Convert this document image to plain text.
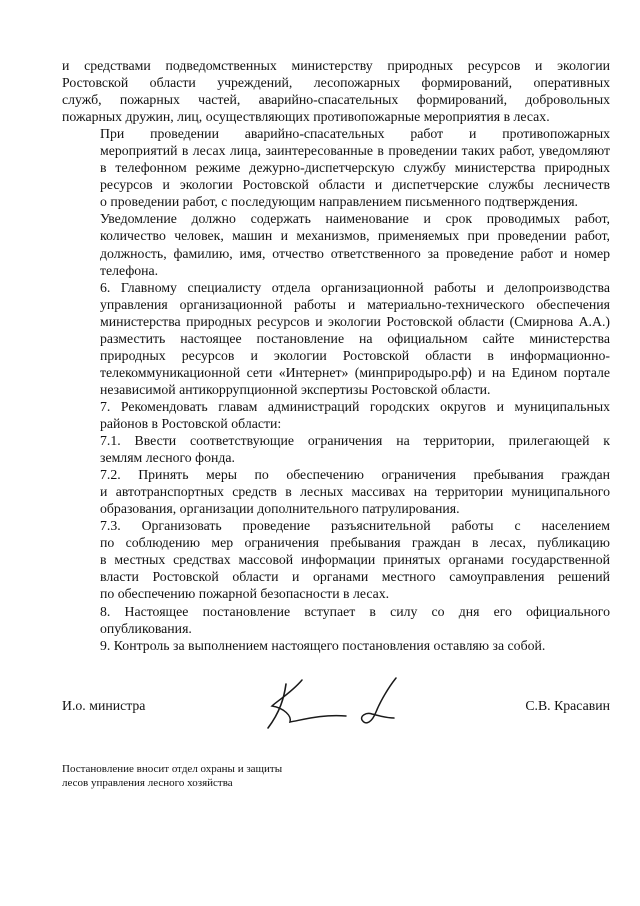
и средствами подведомственных министерству природных ресурсов и экологии
Ростовской области учреждений, лесопожарных формирований, оперативных
служб, пожарных частей, аварийно-спасательных формирований, добровольных
пожарных дружин, лиц, осуществляющих противопожарные мероприятия в лесах.
При проведении аварийно-спасательных работ и противопожарных
мероприятий в лесах лица, заинтересованные в проведении таких работ, уведомляют
в телефонном режиме дежурно-диспетчерскую службу министерства природных
ресурсов и экологии Ростовской области и диспетчерские службы лесничеств
о проведении работ, с последующим направлением письменного подтверждения.
Уведомление должно содержать наименование и срок проводимых работ,
количество человек, машин и механизмов, применяемых при проведении работ,
должность, фамилию, имя, отчество ответственного за проведение работ и номер
телефона.
6. Главному специалисту отдела организационной работы и делопроизводства
управления организационной работы и материально-технического обеспечения
министерства природных ресурсов и экологии Ростовской области (Смирнова А.А.)
разместить настоящее постановление на официальном сайте министерства
природных ресурсов и экологии Ростовской области в информационно-
телекоммуникационной сети «Интернет» (минприродыро.рф) и на Едином портале
независимой антикоррупционной экспертизы Ростовской области.
7. Рекомендовать главам администраций городских округов и муниципальных
районов в Ростовской области:
7.1. Ввести соответствующие ограничения на территории, прилегающей к
землям лесного фонда.
7.2. Принять меры по обеспечению ограничения пребывания граждан
и автотранспортных средств в лесных массивах на территории муниципального
образования, организации дополнительного патрулирования.
7.3. Организовать проведение разъяснительной работы с населением
по соблюдению мер ограничения пребывания граждан в лесах, публикацию
в местных средствах массовой информации принятых органами государственной
власти Ростовской области и органами местного самоуправления решений
по обеспечению пожарной безопасности в лесах.
8. Настоящее постановление вступает в силу со дня его официального
опубликования.
9. Контроль за выполнением настоящего постановления оставляю за собой.
И.о. министра	С.В. Красавин
Постановление вносит отдел охраны и защиты
лесов управления лесного хозяйства
